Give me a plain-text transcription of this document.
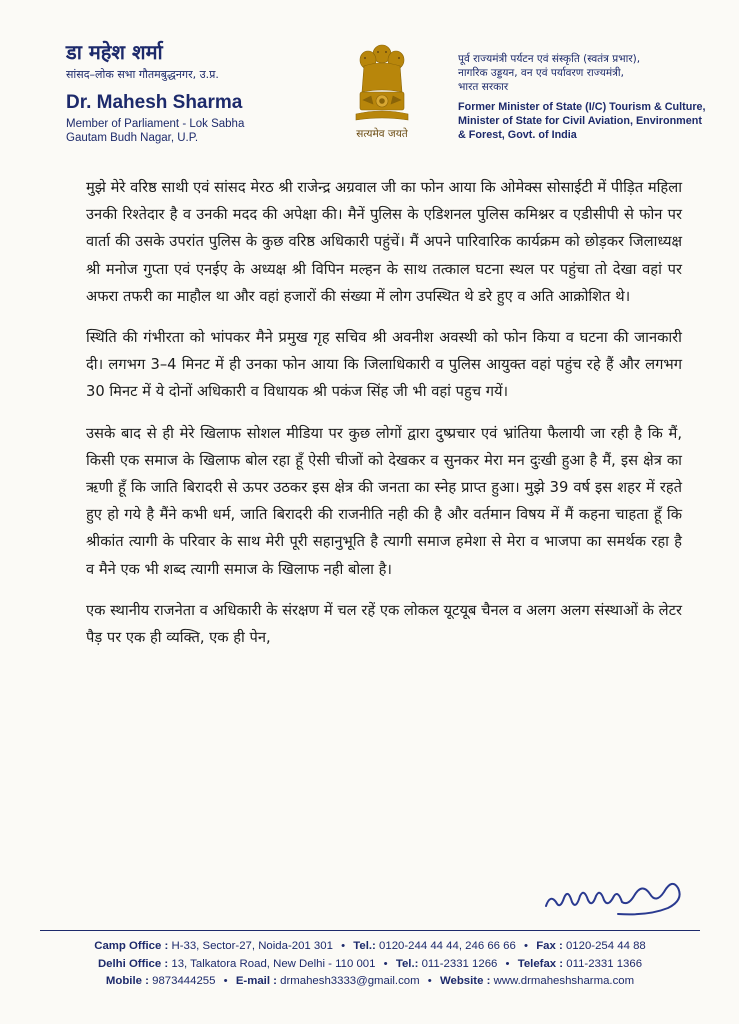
डा महेश शर्मा
सांसद–लोक सभा गौतमबुद्धनगर, उ.प्र.
Dr. Mahesh Sharma
Member of Parliament - Lok Sabha
Gautam Budh Nagar, U.P.	सत्यमेव जयते
पूर्व राज्यमंत्री पर्यटन एवं संस्कृति (स्वतंत्र प्रभार),
नागरिक उड्डयन, वन एवं पर्यावरण राज्यमंत्री,
भारत सरकार
Former Minister of State (I/C) Tourism & Culture,
Minister of State for Civil Aviation, Environment
& Forest, Govt. of India

मुझे मेरे वरिष्ठ साथी एवं सांसद मेरठ श्री राजेन्द्र अग्रवाल जी का फोन आया कि ओमेक्स सोसाईटी में पीड़ित महिला उनकी रिश्तेदार है व उनकी मदद की अपेक्षा की। मैनें पुलिस के एडिशनल पुलिस कमिश्नर व एडीसीपी से फोन पर वार्ता की उसके उपरांत पुलिस के कुछ वरिष्ठ अधिकारी पहुंचें। मैं अपने पारिवारिक कार्यक्रम को छोड़कर जिलाध्यक्ष श्री मनोज गुप्ता एवं एनईए के अध्यक्ष श्री विपिन मल्हन के साथ तत्काल घटना स्थल पर पहुंचा तो देखा वहां पर अफरा तफरी का माहौल था और वहां हजारों की संख्या में लोग उपस्थित थे डरे हुए व अति आक्रोशित थे।

स्थिति की गंभीरता को भांपकर मैने प्रमुख गृह सचिव श्री अवनीश अवस्थी को फोन किया व घटना की जानकारी दी। लगभग 3–4 मिनट में ही उनका फोन आया कि जिलाधिकारी व पुलिस आयुक्त वहां पहुंच रहे हैं और लगभग 30 मिनट में ये दोनों अधिकारी व विधायक श्री पकंज सिंह जी भी वहां पहुच गयें।

उसके बाद से ही मेरे खिलाफ सोशल मीडिया पर कुछ लोगों द्वारा दुष्प्रचार एवं भ्रांतिया फैलायी जा रही है कि मैं, किसी एक समाज के खिलाफ बोल रहा हूँ ऐसी चीजों को देखकर व सुनकर मेरा मन दुःखी हुआ है मैं, इस क्षेत्र का ऋणी हूँ कि जाति बिरादरी से ऊपर उठकर इस क्षेत्र की जनता का स्नेह प्राप्त हुआ। मुझे 39 वर्ष इस शहर में रहते हुए हो गये है मैंने कभी धर्म, जाति बिरादरी की राजनीति नही की है और वर्तमान विषय में मैं कहना चाहता हूँ कि श्रीकांत त्यागी के परिवार के साथ मेरी पूरी सहानुभूति है त्यागी समाज हमेशा से मेरा व भाजपा का समर्थक रहा है व मैने एक भी शब्द त्यागी समाज के खिलाफ नही बोला है।

एक स्थानीय राजनेता व अधिकारी के संरक्षण में चल रहें एक लोकल यूटयूब चैनल व अलग अलग संस्थाओं के लेटर पैड़ पर एक ही व्यक्ति, एक ही पेन,

Camp Office : H-33, Sector-27, Noida-201 301 • Tel.: 0120-244 44 44, 246 66 66 • Fax : 0120-254 44 88
Delhi Office : 13, Talkatora Road, New Delhi - 110 001 • Tel.: 011-2331 1266 • Telefax : 011-2331 1366
Mobile : 9873444255 • E-mail : drmahesh3333@gmail.com • Website : www.drmaheshsharma.com
